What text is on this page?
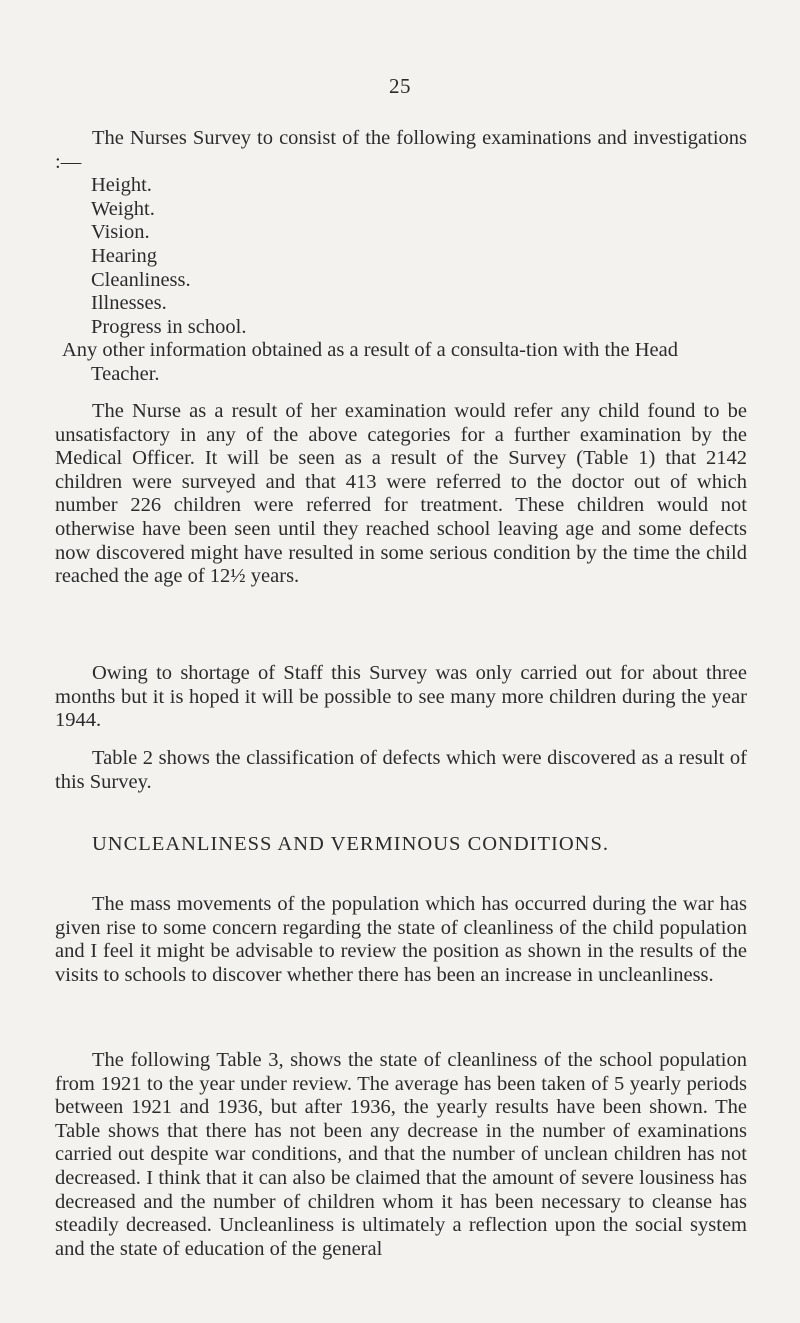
25

The Nurses Survey to consist of the following examinations and investigations :—

Height.
Weight.
Vision.
Hearing
Cleanliness.
Illnesses.
Progress in school.
Any other information obtained as a result of a consulta-tion with the Head Teacher.

The Nurse as a result of her examination would refer any child found to be unsatisfactory in any of the above categories for a further examination by the Medical Officer. It will be seen as a result of the Survey (Table 1) that 2142 children were surveyed and that 413 were referred to the doctor out of which number 226 children were referred for treatment. These children would not otherwise have been seen until they reached school leaving age and some defects now discovered might have resulted in some serious condition by the time the child reached the age of 12½ years.

Owing to shortage of Staff this Survey was only carried out for about three months but it is hoped it will be possible to see many more children during the year 1944.

Table 2 shows the classification of defects which were discovered as a result of this Survey.

UNCLEANLINESS AND VERMINOUS CONDITIONS.

The mass movements of the population which has occurred during the war has given rise to some concern regarding the state of cleanliness of the child population and I feel it might be advisable to review the position as shown in the results of the visits to schools to discover whether there has been an increase in uncleanliness.

The following Table 3, shows the state of cleanliness of the school population from 1921 to the year under review. The average has been taken of 5 yearly periods between 1921 and 1936, but after 1936, the yearly results have been shown. The Table shows that there has not been any decrease in the number of examinations carried out despite war conditions, and that the number of unclean children has not decreased. I think that it can also be claimed that the amount of severe lousiness has decreased and the number of children whom it has been necessary to cleanse has steadily decreased. Uncleanliness is ultimately a reflection upon the social system and the state of education of the general
